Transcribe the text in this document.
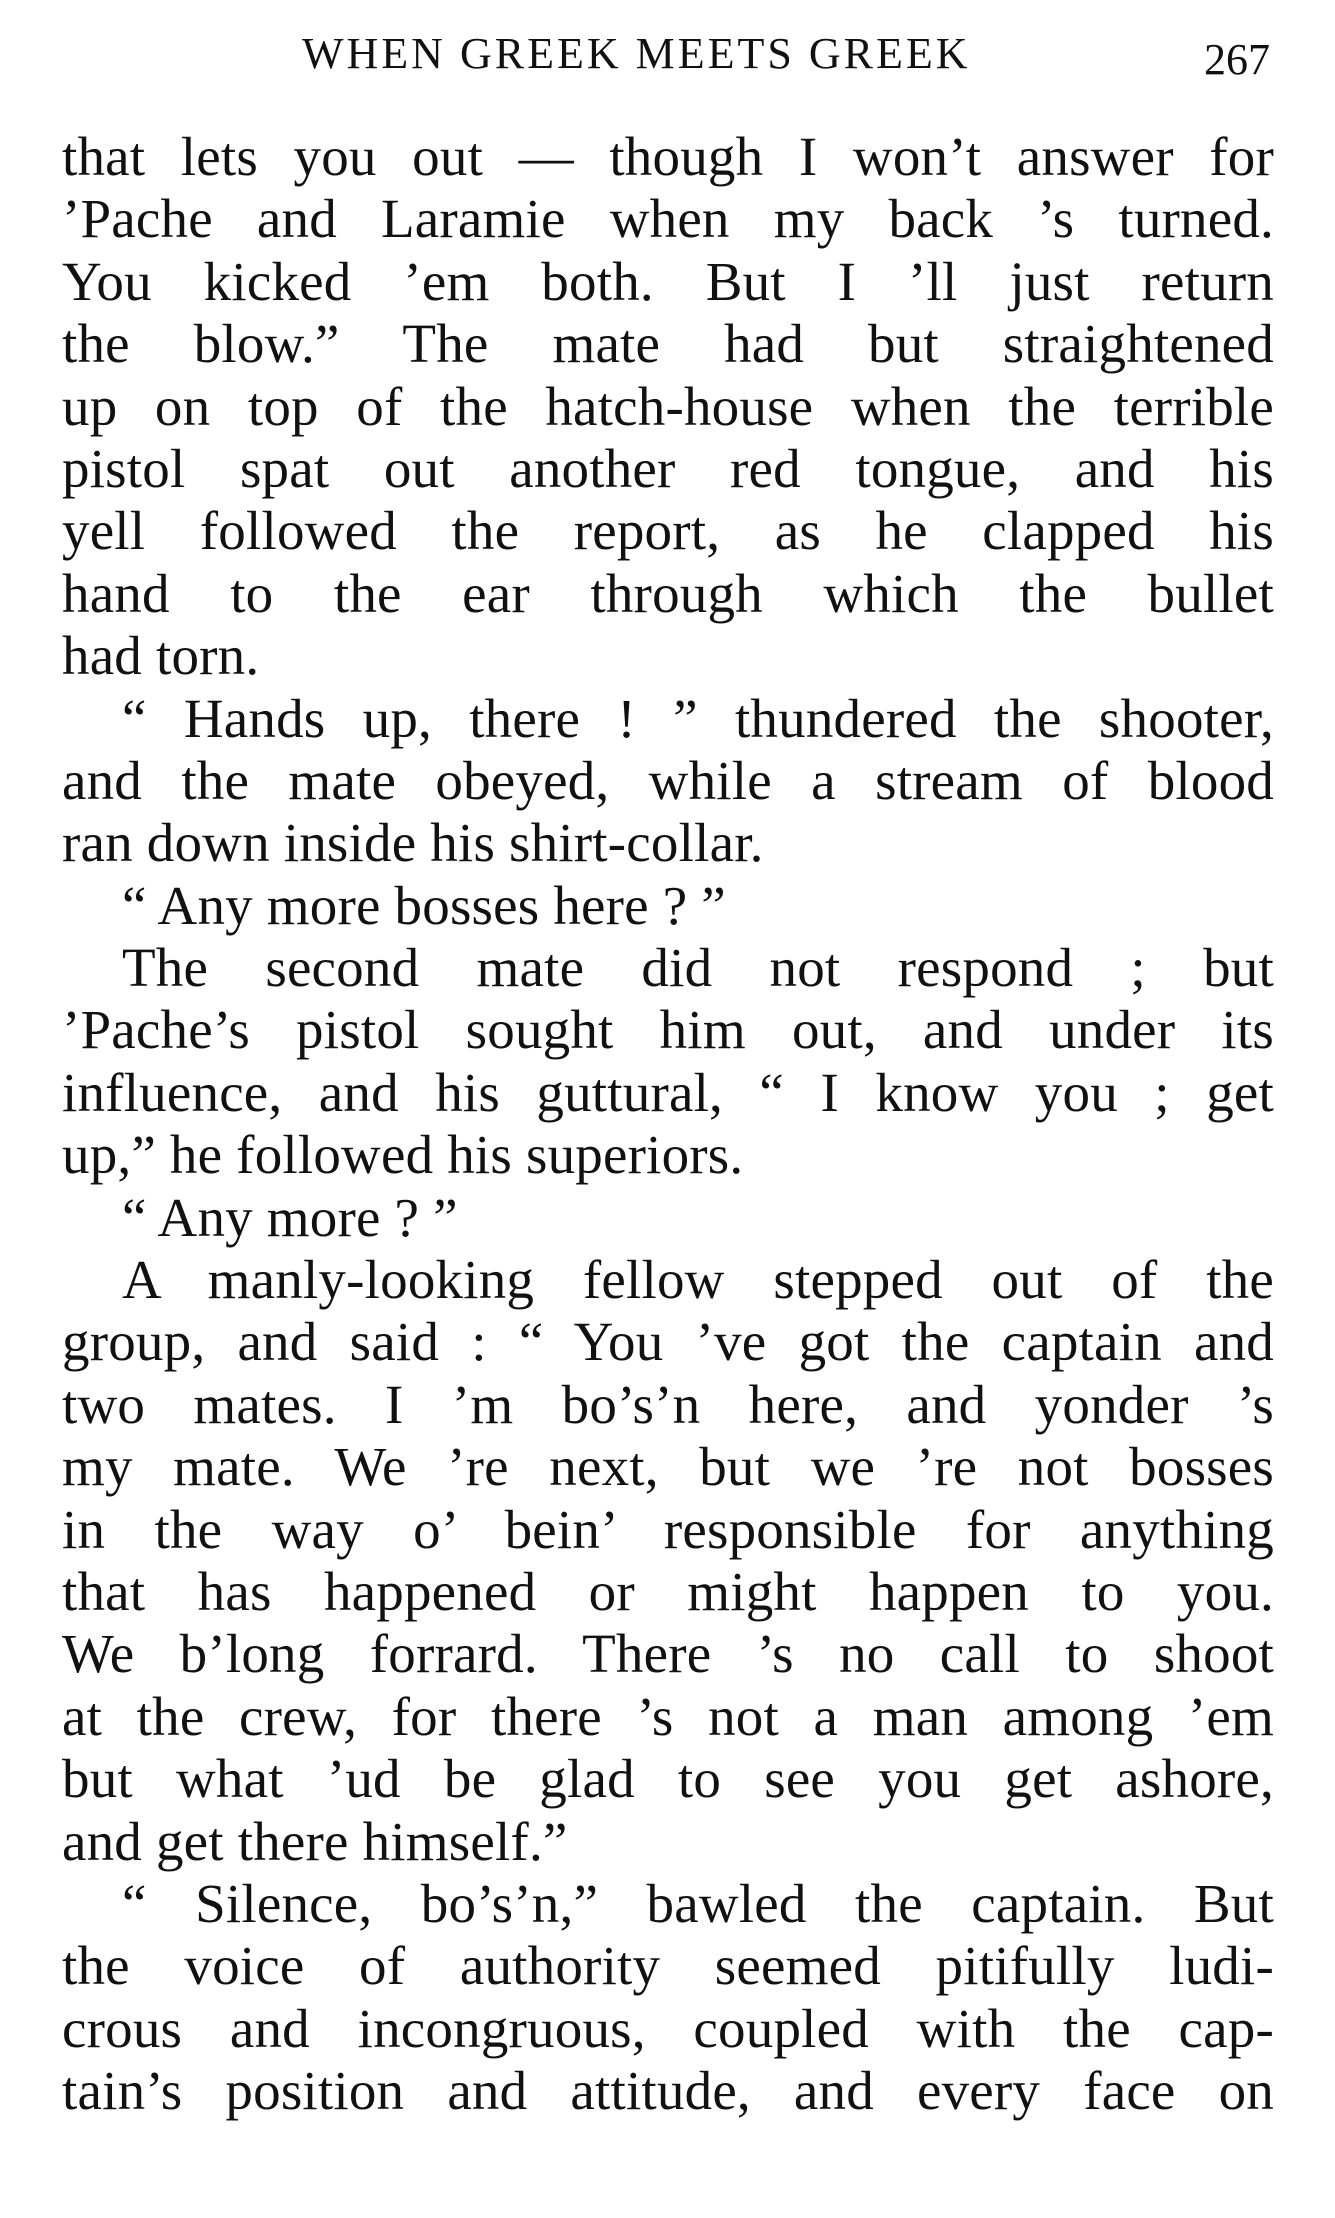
WHEN GREEK MEETS GREEK	267
that lets you out — though I won’t answer for
’Pache and Laramie when my back ’s turned.
You kicked ’em both. But I ’ll just return
the blow.” The mate had but straightened
up on top of the hatch-house when the terrible
pistol spat out another red tongue, and his
yell followed the report, as he clapped his
hand to the ear through which the bullet
had torn.
“ Hands up, there ! ” thundered the shooter,
and the mate obeyed, while a stream of blood
ran down inside his shirt-collar.
“ Any more bosses here ? ”
The second mate did not respond ; but
’Pache’s pistol sought him out, and under its
influence, and his guttural, “ I know you ; get
up,” he followed his superiors.
“ Any more ? ”
A manly-looking fellow stepped out of the
group, and said : “ You ’ve got the captain and
two mates. I ’m bo’s’n here, and yonder ’s
my mate. We ’re next, but we ’re not bosses
in the way o’ bein’ responsible for anything
that has happened or might happen to you.
We b’long forrard. There ’s no call to shoot
at the crew, for there ’s not a man among ’em
but what ’ud be glad to see you get ashore,
and get there himself.”
“ Silence, bo’s’n,” bawled the captain. But
the voice of authority seemed pitifully ludi-
crous and incongruous, coupled with the cap-
tain’s position and attitude, and every face on
